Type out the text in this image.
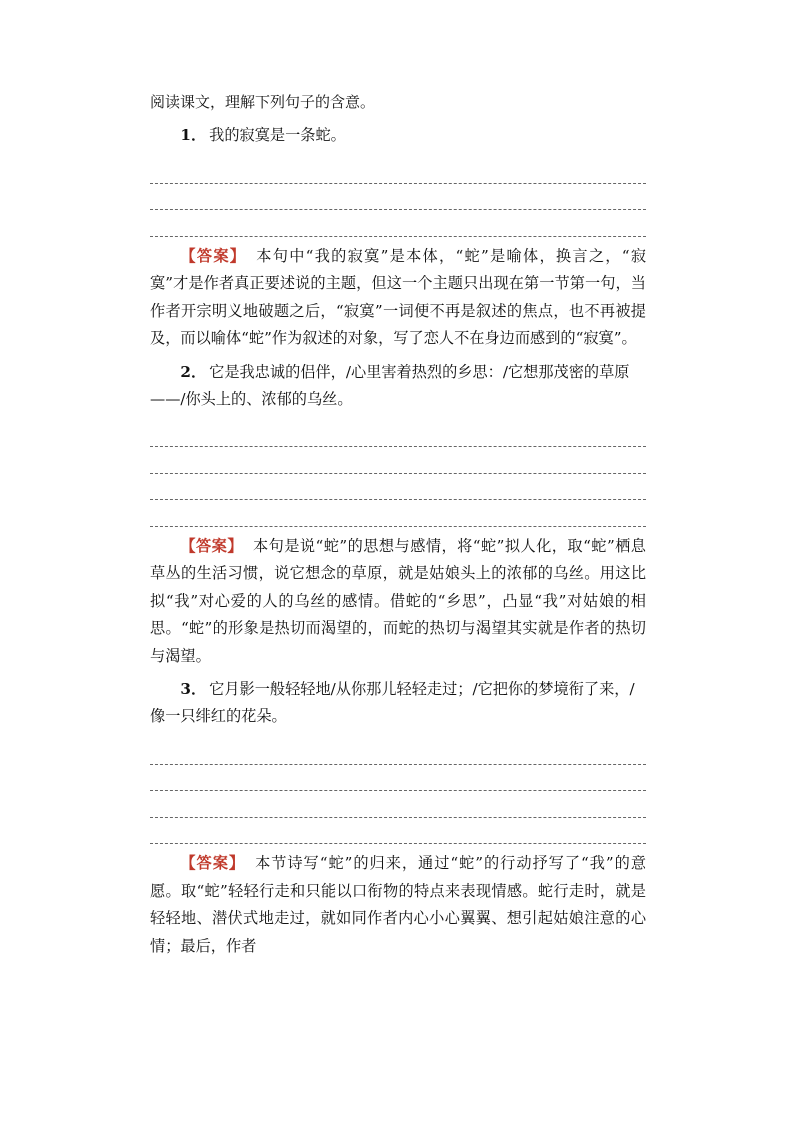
阅读课文，理解下列句子的含意。

1． 我的寂寞是一条蛇。

【答案】 本句中“我的寂寞”是本体，“蛇”是喻体，换言之，“寂寞”才是作者真正要述说的主题，但这一个主题只出现在第一节第一句，当作者开宗明义地破题之后，“寂寞”一词便不再是叙述的焦点，也不再被提及，而以喻体“蛇”作为叙述的对象，写了恋人不在身边而感到的“寂寞”。

2． 它是我忠诚的侣伴，/心里害着热烈的乡思：/它想那茂密的草原——/你头上的、浓郁的乌丝。

【答案】 本句是说“蛇”的思想与感情，将“蛇”拟人化，取“蛇”栖息草丛的生活习惯，说它想念的草原，就是姑娘头上的浓郁的乌丝。用这比拟“我”对心爱的人的乌丝的感情。借蛇的“乡思”，凸显“我”对姑娘的相思。“蛇”的形象是热切而渴望的，而蛇的热切与渴望其实就是作者的热切与渴望。

3． 它月影一般轻轻地/从你那儿轻轻走过；/它把你的梦境衔了来，/像一只绯红的花朵。

【答案】 本节诗写“蛇”的归来，通过“蛇”的行动抒写了“我”的意愿。取“蛇”轻轻行走和只能以口衔物的特点来表现情感。蛇行走时，就是轻轻地、潜伏式地走过，就如同作者内心小心翼翼、想引起姑娘注意的心情；最后，作者
